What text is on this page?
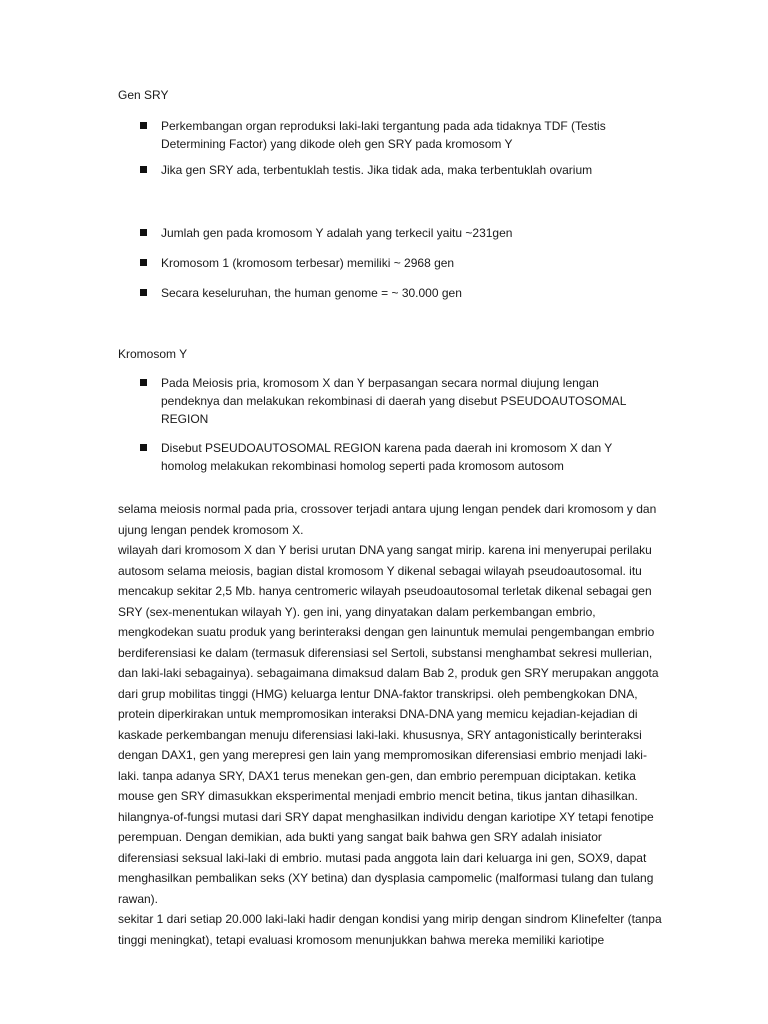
Gen SRY
Perkembangan organ reproduksi laki-laki tergantung pada ada tidaknya TDF (Testis Determining Factor) yang dikode oleh gen SRY pada kromosom Y
Jika gen SRY ada, terbentuklah testis. Jika tidak ada, maka terbentuklah ovarium
Jumlah gen pada kromosom Y adalah yang terkecil yaitu ~231gen
Kromosom 1 (kromosom terbesar) memiliki ~ 2968 gen
Secara keseluruhan, the human genome = ~ 30.000 gen
Kromosom Y
Pada Meiosis pria, kromosom X dan Y berpasangan secara normal diujung lengan pendeknya dan melakukan rekombinasi di daerah yang disebut PSEUDOAUTOSOMAL REGION
Disebut PSEUDOAUTOSOMAL REGION karena pada daerah ini kromosom X dan Y homolog melakukan rekombinasi homolog seperti pada kromosom autosom

selama meiosis normal pada pria, crossover terjadi antara ujung lengan pendek dari kromosom y dan ujung lengan pendek kromosom X.

wilayah dari kromosom X dan Y berisi urutan DNA yang sangat mirip. karena ini menyerupai perilaku autosom selama meiosis, bagian distal kromosom Y dikenal sebagai wilayah pseudoautosomal. itu mencakup sekitar 2,5 Mb. hanya centromeric wilayah pseudoautosomal terletak dikenal sebagai gen SRY (sex-menentukan wilayah Y). gen ini, yang dinyatakan dalam perkembangan embrio, mengkodekan suatu produk yang berinteraksi dengan gen lainuntuk memulai pengembangan embrio berdiferensiasi ke dalam (termasuk diferensiasi sel Sertoli, substansi menghambat sekresi mullerian, dan laki-laki sebagainya). sebagaimana dimaksud dalam Bab 2, produk gen SRY merupakan anggota dari grup mobilitas tinggi (HMG) keluarga lentur DNA-faktor transkripsi. oleh pembengkokan DNA, protein diperkirakan untuk mempromosikan interaksi DNA-DNA yang memicu kejadian-kejadian di kaskade perkembangan menuju diferensiasi laki-laki. khususnya, SRY antagonistically berinteraksi dengan DAX1, gen yang merepresi gen lain yang mempromosikan diferensiasi embrio menjadi laki-laki. tanpa adanya SRY, DAX1 terus menekan gen-gen, dan embrio perempuan diciptakan. ketika mouse gen SRY dimasukkan eksperimental menjadi embrio mencit betina, tikus jantan dihasilkan. hilangnya-of-fungsi mutasi dari SRY dapat menghasilkan individu dengan kariotipe XY tetapi fenotipe perempuan. Dengan demikian, ada bukti yang sangat baik bahwa gen SRY adalah inisiator diferensiasi seksual laki-laki di embrio. mutasi pada anggota lain dari keluarga ini gen, SOX9, dapat menghasilkan pembalikan seks (XY betina) dan dysplasia campomelic (malformasi tulang dan tulang rawan).

sekitar 1 dari setiap 20.000 laki-laki hadir dengan kondisi yang mirip dengan sindrom Klinefelter (tanpa tinggi meningkat), tetapi evaluasi kromosom menunjukkan bahwa mereka memiliki kariotipe
